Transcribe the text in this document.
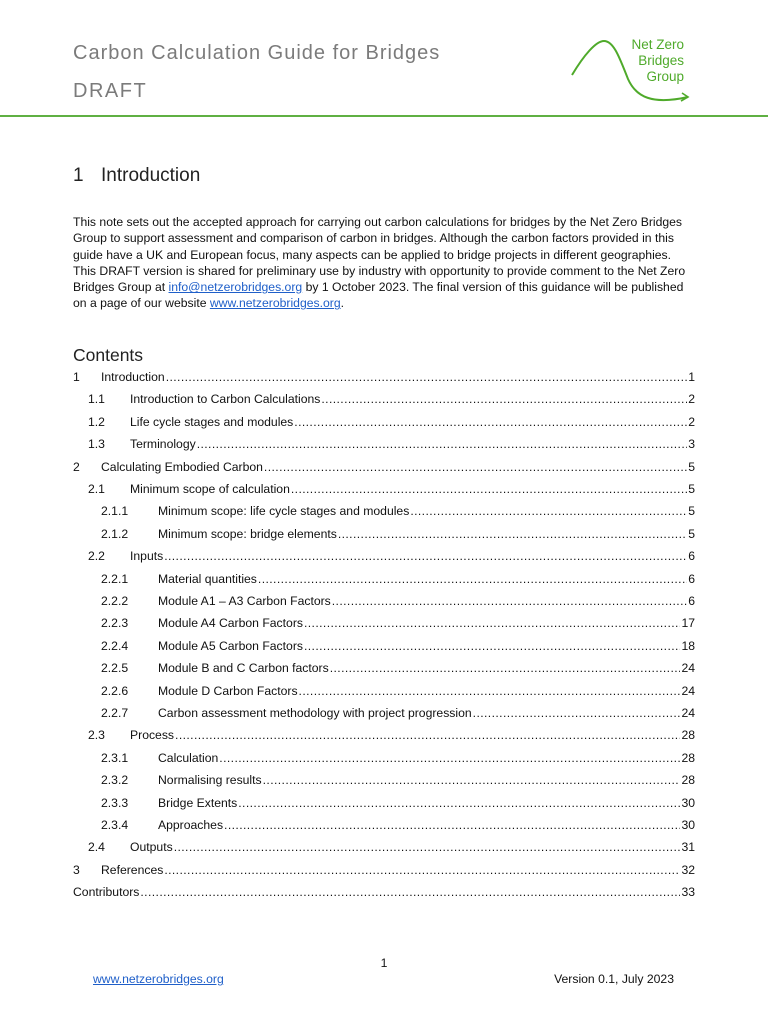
Carbon Calculation Guide for Bridges
DRAFT
Net Zero
Bridges
Group
1 Introduction

This note sets out the accepted approach for carrying out carbon calculations for bridges by the Net Zero Bridges Group to support assessment and comparison of carbon in bridges. Although the carbon factors provided in this guide have a UK and European focus, many aspects can be applied to bridge projects in different geographies.

This DRAFT version is shared for preliminary use by industry with opportunity to provide comment to the Net Zero Bridges Group at info@netzerobridges.org by 1 October 2023. The final version of this guidance will be published on a page of our website www.netzerobridges.org.

Contents
1	Introduction .....	1
1.1	Introduction to Carbon Calculations .....	2
1.2	Life cycle stages and modules .....	2
1.3	Terminology .....	3
2	Calculating Embodied Carbon .....	5
2.1	Minimum scope of calculation .....	5
2.1.1	Minimum scope: life cycle stages and modules .....	5
2.1.2	Minimum scope: bridge elements .....	5
2.2	Inputs .....	6
2.2.1	Material quantities .....	6
2.2.2	Module A1 – A3 Carbon Factors .....	6
2.2.3	Module A4 Carbon Factors .....	17
2.2.4	Module A5 Carbon Factors .....	18
2.2.5	Module B and C Carbon factors .....	24
2.2.6	Module D Carbon Factors .....	24
2.2.7	Carbon assessment methodology with project progression .....	24
2.3	Process .....	28
2.3.1	Calculation .....	28
2.3.2	Normalising results .....	28
2.3.3	Bridge Extents .....	30
2.3.4	Approaches .....	30
2.4	Outputs .....	31
3	References .....	32
Contributors .....	33
1
www.netzerobridges.org	Version 0.1, July 2023
